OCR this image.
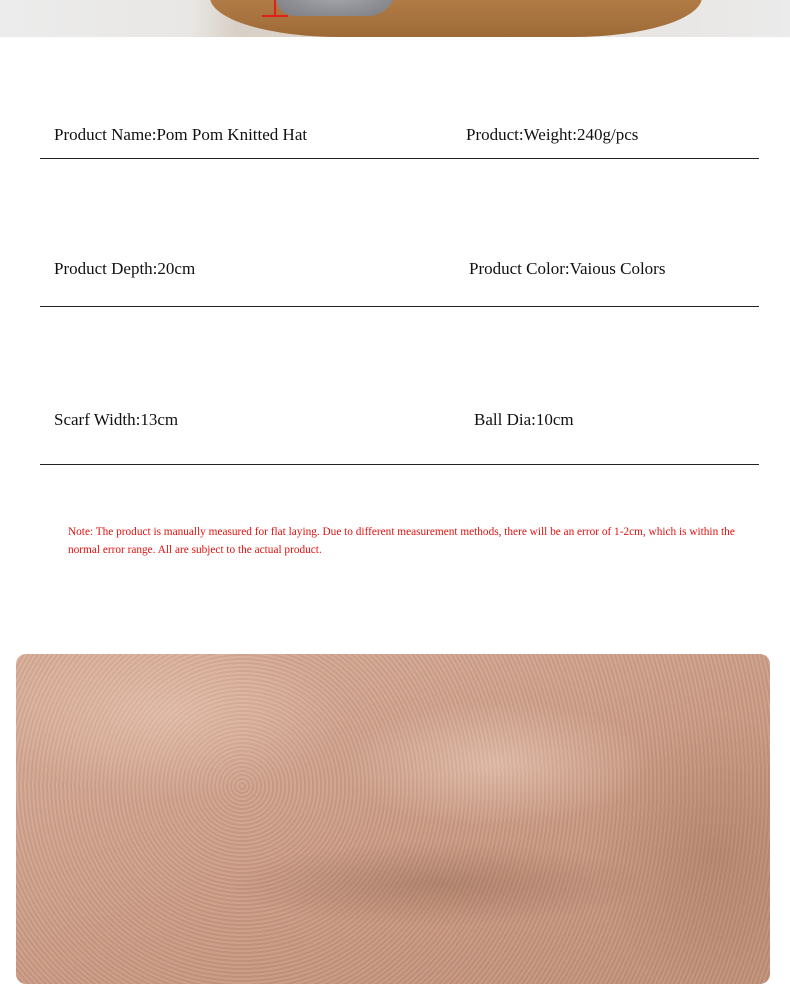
Product Name:Pom Pom Knitted Hat	Product:Weight:240g/pcs
Product Depth:20cm	Product Color:Vaious Colors
Scarf Width:13cm	Ball Dia:10cm
Note: The product is manually measured for flat laying. Due to different measurement methods, there will be an error of 1-2cm, which is within the normal error range. All are subject to the actual product.
